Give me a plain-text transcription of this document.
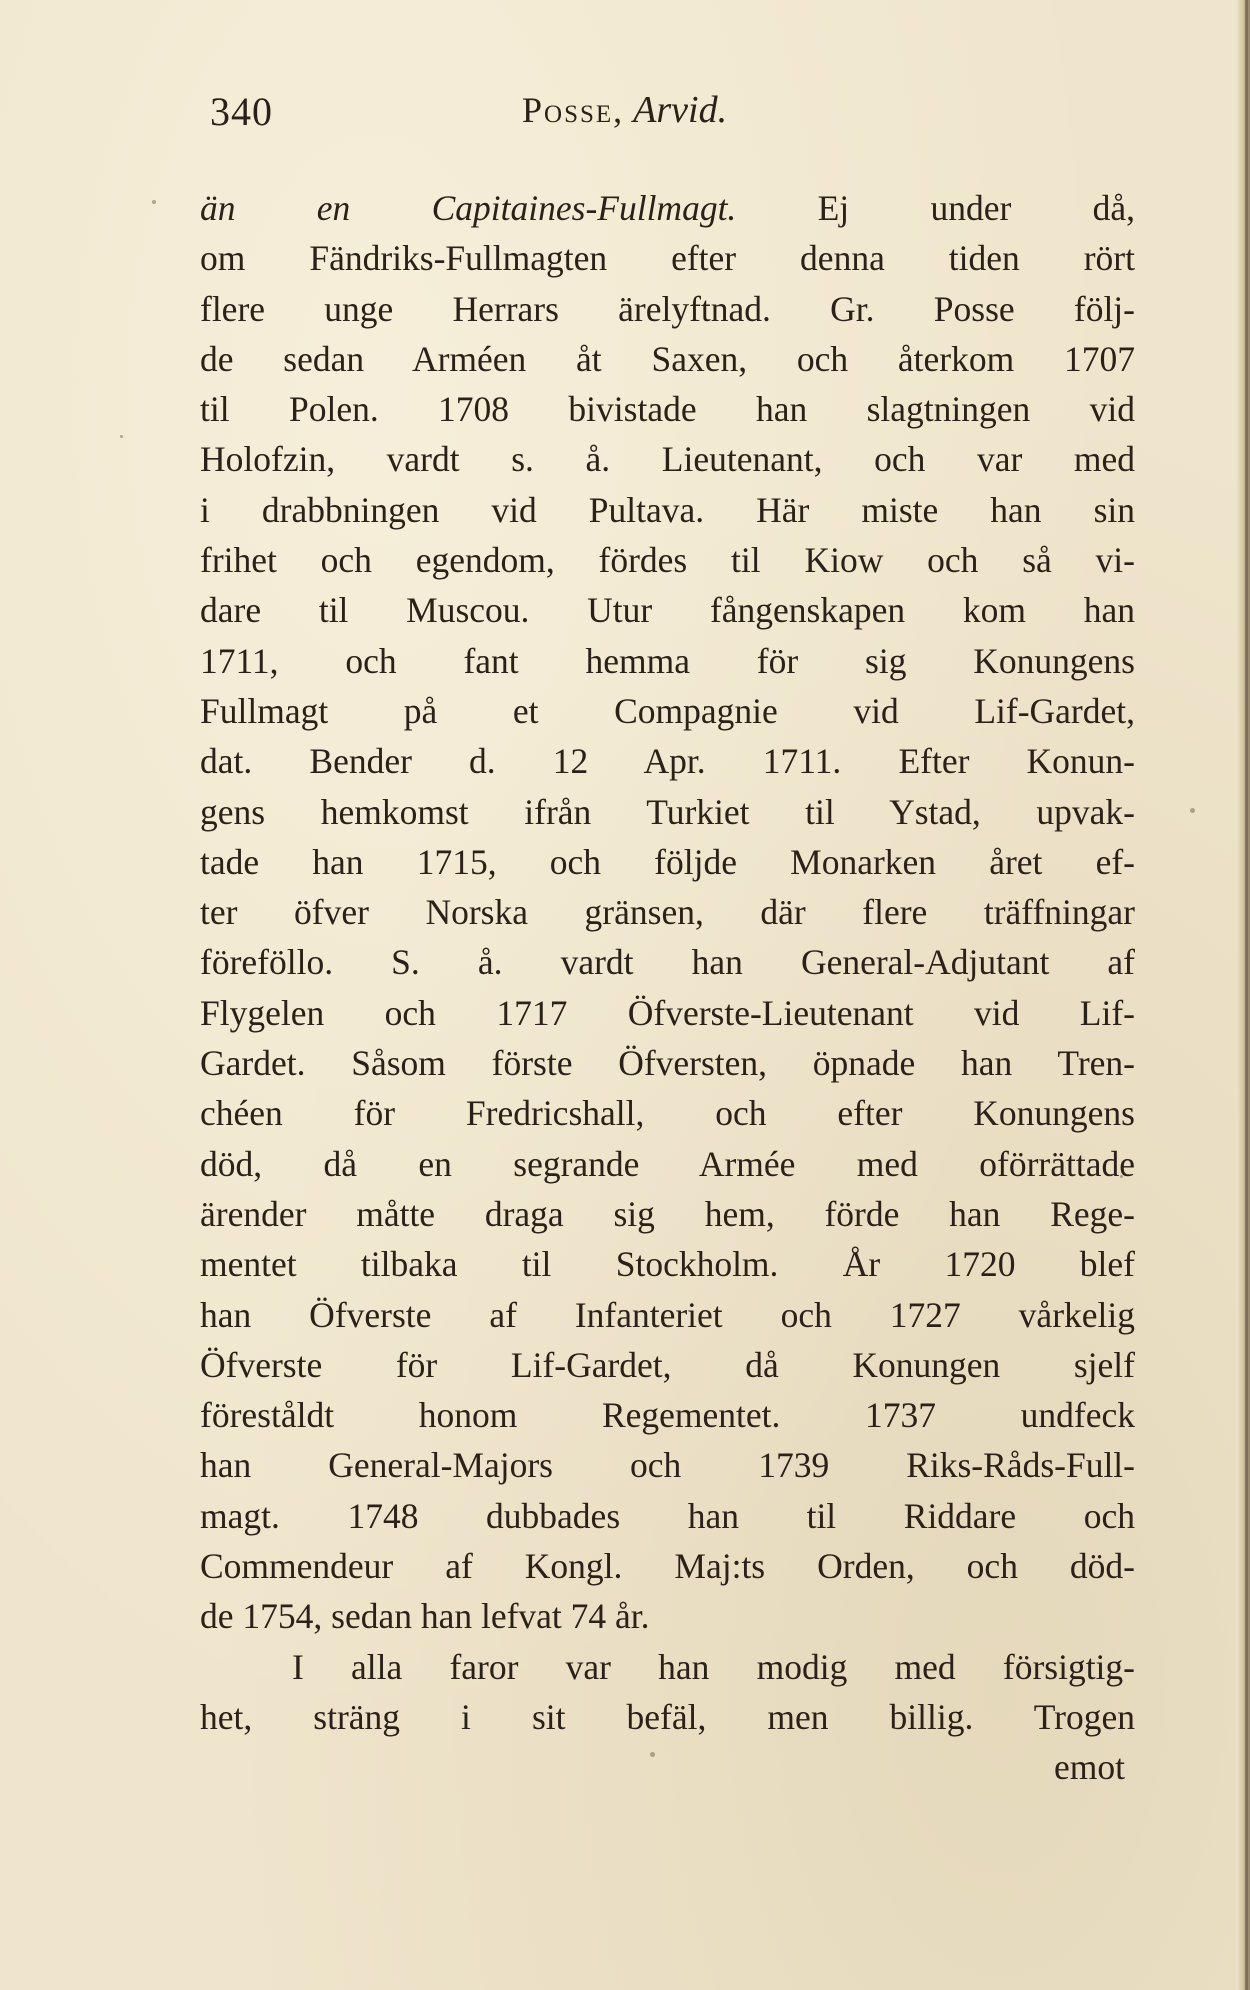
340	Posse, Arvid.
än en Capitaines-Fullmagt. Ej under då,
om Fändriks-Fullmagten efter denna tiden rört
flere unge Herrars ärelyftnad. Gr. Posse följ-
de sedan Arméen åt Saxen, och återkom 1707
til Polen. 1708 bivistade han slagtningen vid
Holofzin, vardt s. å. Lieutenant, och var med
i drabbningen vid Pultava. Här miste han sin
frihet och egendom, fördes til Kiow och så vi-
dare til Muscou. Utur fångenskapen kom han
1711, och fant hemma för sig Konungens
Fullmagt på et Compagnie vid Lif-Gardet,
dat. Bender d. 12 Apr. 1711. Efter Konun-
gens hemkomst ifrån Turkiet til Ystad, upvak-
tade han 1715, och följde Monarken året ef-
ter öfver Norska gränsen, där flere träffningar
föreföllo. S. å. vardt han General-Adjutant af
Flygelen och 1717 Öfverste-Lieutenant vid Lif-
Gardet. Såsom förste Öfversten, öpnade han Tren-
chéen för Fredricshall, och efter Konungens
död, då en segrande Armée med oförrättade
ärender måtte draga sig hem, förde han Rege-
mentet tilbaka til Stockholm. År 1720 blef
han Öfverste af Infanteriet och 1727 vårkelig
Öfverste för Lif-Gardet, då Konungen sjelf
föreståldt honom Regementet. 1737 undfeck
han General-Majors och 1739 Riks-Råds-Full-
magt. 1748 dubbades han til Riddare och
Commendeur af Kongl. Maj:ts Orden, och död-
de 1754, sedan han lefvat 74 år.
I alla faror var han modig med försigtig-
het, sträng i sit befäl, men billig. Trogen
emot
